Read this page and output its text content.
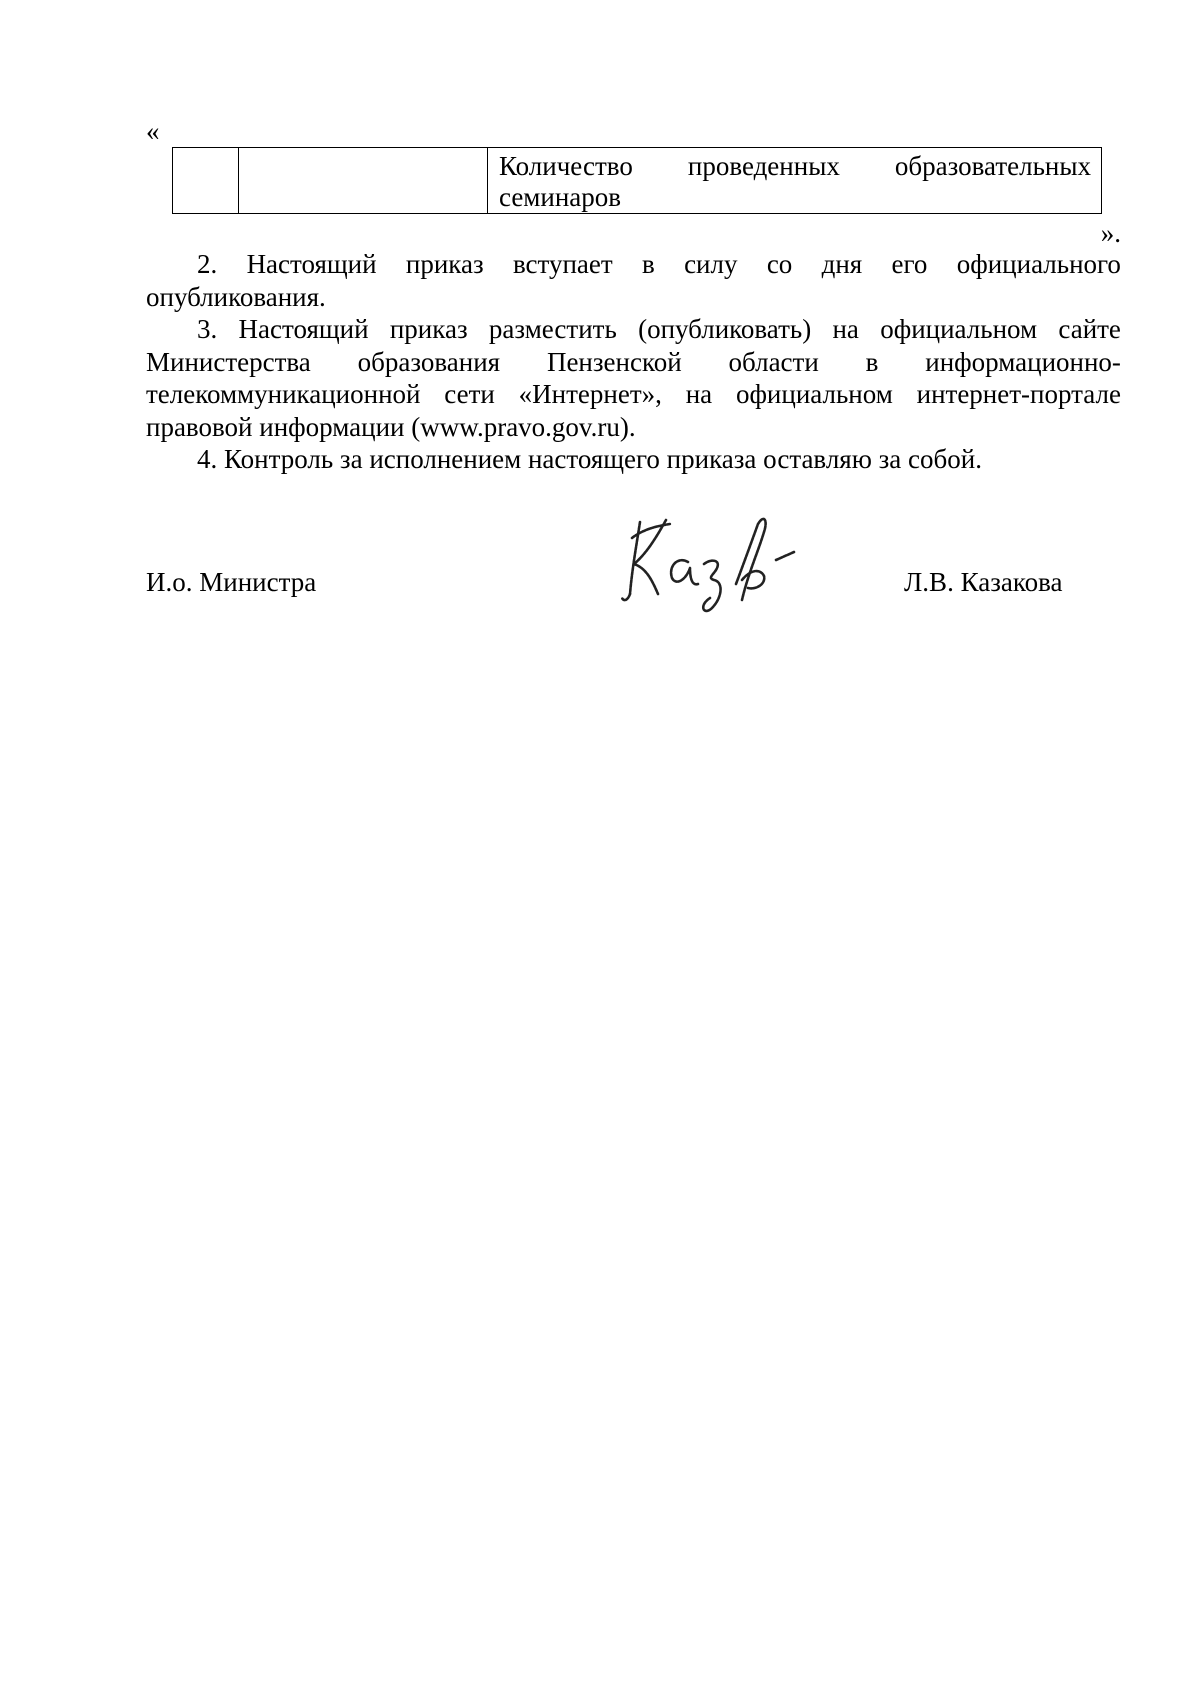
«
Количество проведенных образовательных
семинаров
».
2. Настоящий приказ вступает в силу со дня его официального
опубликования.
3. Настоящий приказ разместить (опубликовать) на официальном сайте
Министерства образования Пензенской области в информационно-
телекоммуникационной сети «Интернет», на официальном интернет-портале
правовой информации (www.pravo.gov.ru).
4. Контроль за исполнением настоящего приказа оставляю за собой.
И.о. Министра	Л.В. Казакова
